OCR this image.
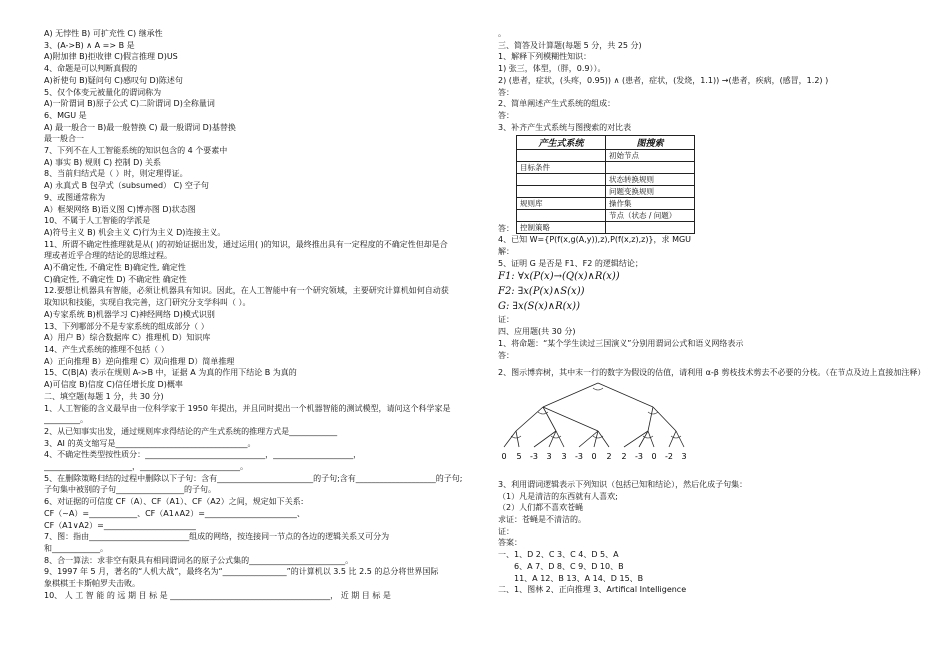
A) 无悖性 B) 可扩充性 C) 继承性
3、(A->B) ∧ A => B 是
A)附加律 B)拒收律 C)假言推理 D)US
4、命题是可以判断真假的
A)祈使句 B)疑问句 C)感叹句 D)陈述句
5、仅个体变元被量化的谓词称为
A)一阶谓词 B)原子公式 C)二阶谓词 D)全称量词
6、MGU 是
A) 最一般合一 B)最一般替换 C) 最一般谓词 D)基替换
最一般合一
7、下列不在人工智能系统的知识包含的 4 个要素中
A) 事实 B) 规则 C) 控制 D) 关系
8、当前归结式是（ ）时，则定理得证。
A) 永真式 B 包孕式（subsumed） C) 空子句
9、或图通常称为
A）框架网络 B)语义图 C)博亦图 D)状态图
10、不属于人工智能的学派是
A)符号主义 B) 机会主义 C)行为主义 D)连接主义。
11、所谓不确定性推理就是从( )的初始证据出发，通过运用( )的知识，最终推出具有一定程度的不确定性但却是合
理或者近乎合理的结论的思维过程。
A)不确定性, 不确定性 B)确定性, 确定性
C)确定性, 不确定性 D) 不确定性 确定性
12.要想让机器具有智能，必须让机器具有知识。因此，在人工智能中有一个研究领域，主要研究计算机如何自动获
取知识和技能，实现自我完善，这门研究分支学科叫（ ）。
A)专家系统 B)机器学习 C)神经网络 D)模式识别
13、下列哪部分不是专家系统的组成部分（ ）
A）用户 B）综合数据库 C）推理机 D）知识库
14、产生式系统的推理不包括（ ）
A）正向推理 B）逆向推理 C）双向推理 D）简单推理
15、C(B|A) 表示在规则 A->B 中，证据 A 为真的作用下结论 B 为真的
A)可信度 B)信度 C)信任增长度 D)概率
二、填空题(每题 1 分，共 30 分)
1、人工智能的含义最早由一位科学家于 1950 年提出，并且同时提出一个机器智能的测试模型，请问这个科学家是
_________。
2、从已知事实出发，通过规则库求得结论的产生式系统的推理方式是____________
3、AI 的英文缩写是_________________________________。
4、不确定性类型按性质分：______________________________，____________________，
______________________，_________________________。
5、在删除策略归结的过程中删除以下子句：含有________________________的子句;含有____________________的子句;
子句集中被别的子句_________________的子句。
6、对证据的可信度 CF（A）、CF（A1）、CF（A2）之间，规定如下关系:
CF（~A）=____________、CF（A1∧A2）=_______________________、
CF（A1∨A2）=_______________________
7、图：指由_________________________组成的网络，按连接同一节点的各边的逻辑关系又可分为
和____________。
8、合一算法：求非空有限具有相同谓词名的原子公式集的________________________。
9、1997 年 5 月，著名的“人机大战”，最终名为“________________”的计算机以 3.5 比 2.5 的总分将世界国际
象棋棋王卡斯帕罗夫击败。
10、 人 工 智 能 的 远 期 目 标 是 ________________________________________， 近 期 目 标 是
。
三、简答及计算题(每题 5 分，共 25 分)
1、解释下列模糊性知识：
1) 张三，体型，（胖，0.9））。
2) (患者，症状，(头疼，0.95)) ∧ (患者，症状，(发烧，1.1)) →(患者，疾病，(感冒，1.2) )
答：
2、简单阐述产生式系统的组成：
答：
3、补齐产生式系统与图搜索的对比表
产生式系统	图搜索
	初始节点
目标条件	
	状态转换规则
	问题变换规则
规则库	操作集
	节点（状态 / 问题）
控制策略	
答：
4、已知 W={P(f(x,g(A,y)),z),P(f(x,z),z)}，求 MGU
解：
5、证明 G 是否是 F1、F2 的逻辑结论；
F1: ∀x(P(x)→(Q(x)∧R(x))
F2: ∃x(P(x)∧S(x))
G: ∃x(S(x)∧R(x))
证：
四、应用题(共 30 分)
1、将命题：“某个学生读过三国演义”分别用谓词公式和语义网络表示
答：
2、图示博弈树，其中末一行的数字为假设的估值，请利用 α-β 剪枝技术剪去不必要的分枝。（在节点及边上直接加注释）
0 5 -3 3 3 -3 0 2 2 -3 0 -2 3
3、利用谓词逻辑表示下列知识（包括已知和结论），然后化成子句集：
（1）凡是清洁的东西就有人喜欢;
（2）人们都不喜欢苍蝇
求证：苍蝇是不清洁的。
证：
答案：
一、1、D 2、C 3、C 4、D 5、A
6、A 7、D 8、C 9、D 10、B
11、A 12、B 13、A 14、D 15、B
二、1、图林 2、正向推理 3、Artifical Intelligence
